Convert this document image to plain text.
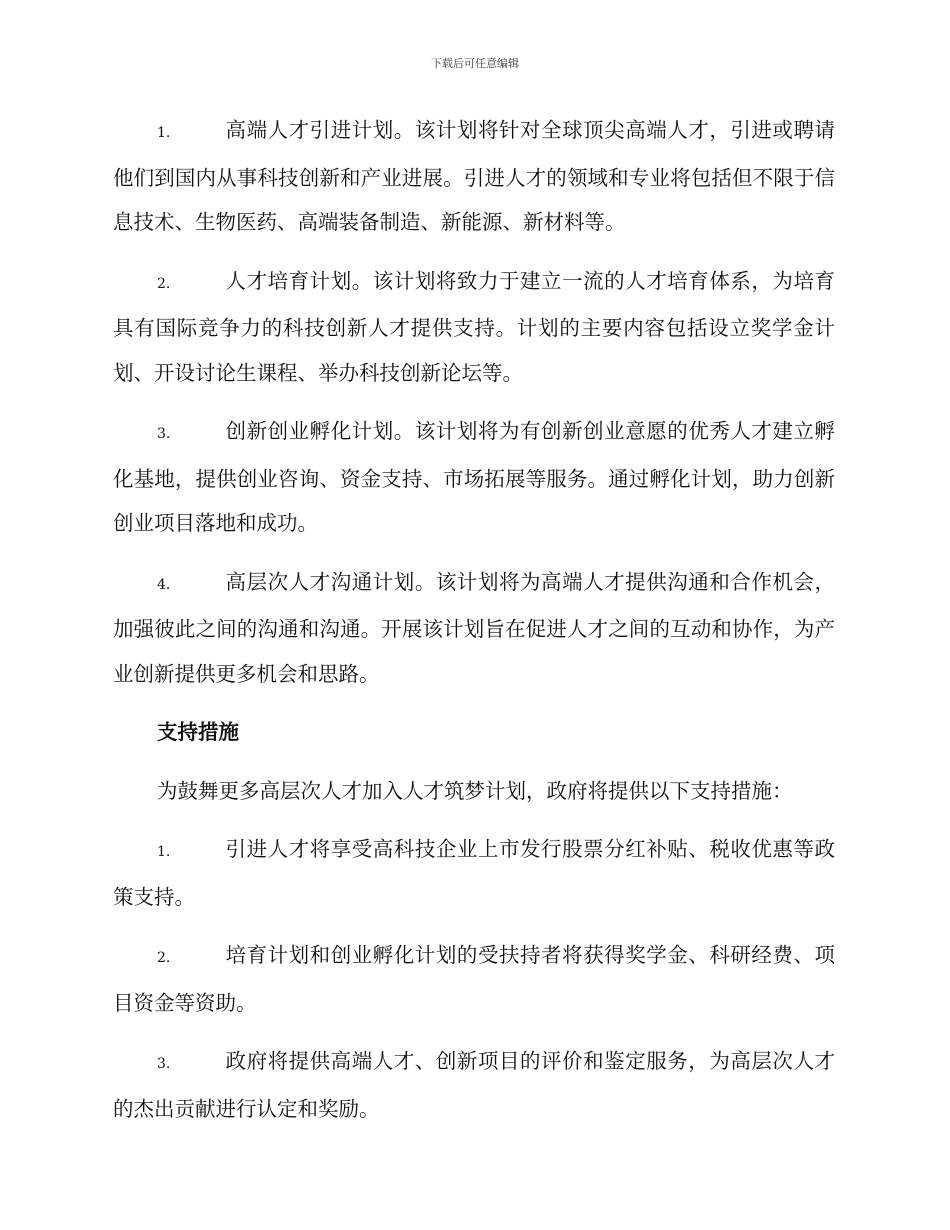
下载后可任意编辑

1.	高端人才引进计划。该计划将针对全球顶尖高端人才，引进或聘请他们到国内从事科技创新和产业进展。引进人才的领域和专业将包括但不限于信息技术、生物医药、高端装备制造、新能源、新材料等。

2.	人才培育计划。该计划将致力于建立一流的人才培育体系，为培育具有国际竞争力的科技创新人才提供支持。计划的主要内容包括设立奖学金计划、开设讨论生课程、举办科技创新论坛等。

3.	创新创业孵化计划。该计划将为有创新创业意愿的优秀人才建立孵化基地，提供创业咨询、资金支持、市场拓展等服务。通过孵化计划，助力创新创业项目落地和成功。

4.	高层次人才沟通计划。该计划将为高端人才提供沟通和合作机会，加强彼此之间的沟通和沟通。开展该计划旨在促进人才之间的互动和协作，为产业创新提供更多机会和思路。

支持措施

为鼓舞更多高层次人才加入人才筑梦计划，政府将提供以下支持措施：

1.	引进人才将享受高科技企业上市发行股票分红补贴、税收优惠等政策支持。

2.	培育计划和创业孵化计划的受扶持者将获得奖学金、科研经费、项目资金等资助。

3.	政府将提供高端人才、创新项目的评价和鉴定服务，为高层次人才的杰出贡献进行认定和奖励。
